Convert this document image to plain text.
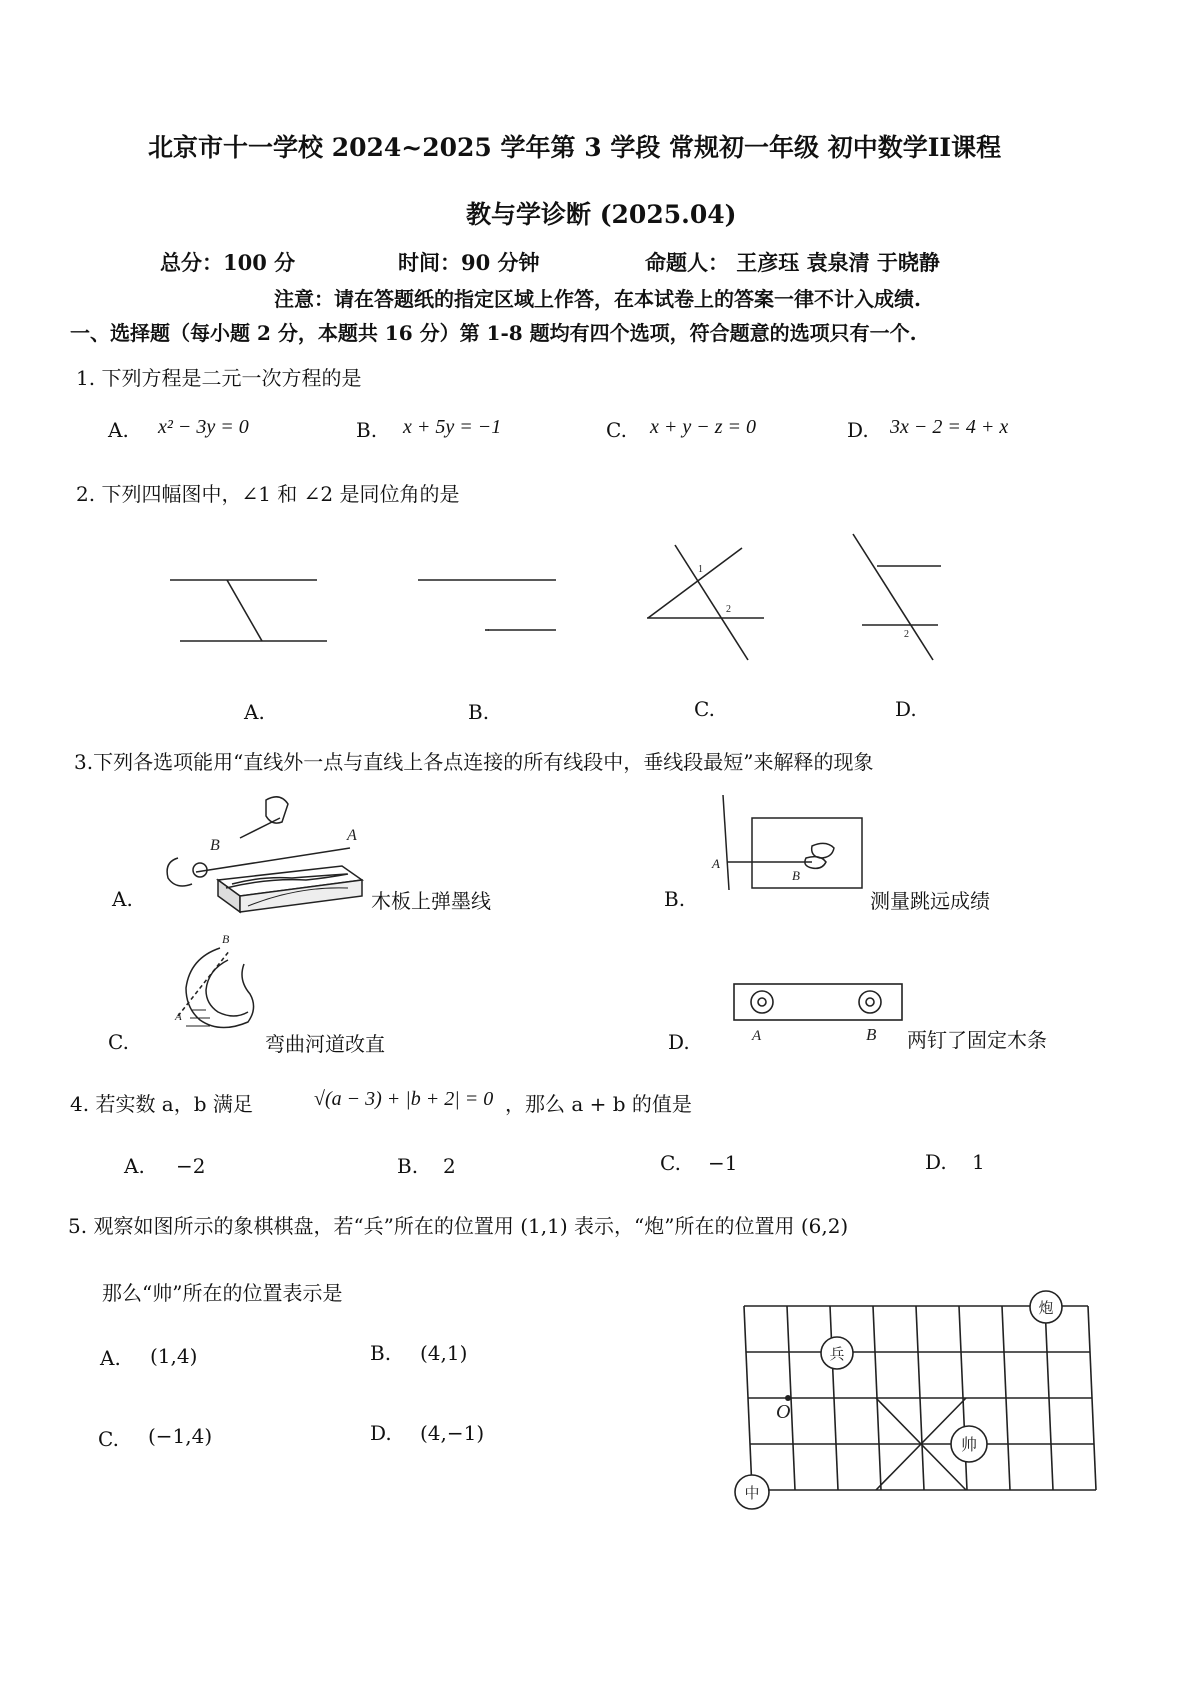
北京市十一学校 2024~2025 学年第 3 学段 常规初一年级 初中数学II课程
教与学诊断 (2025.04)
总分：100 分	时间：90 分钟	命题人： 王彦珏 袁泉清 于晓静
注意：请在答题纸的指定区域上作答，在本试卷上的答案一律不计入成绩.
一、选择题（每小题 2 分，本题共 16 分）第 1-8 题均有四个选项，符合题意的选项只有一个.
1. 下列方程是二元一次方程的是
A. x² − 3y = 0	B. x + 5y = −1	C. x + y − z = 0	D. 3x − 2 = 4 + x
2. 下列四幅图中，∠1 和 ∠2 是同位角的是
1
2
2
A.	B.	C.	D.
3.下列各选项能用“直线外一点与直线上各点连接的所有线段中，垂线段最短”来解释的现象
B
A
A
B
B
A
A	B
A.	木板上弹墨线	B.	测量跳远成绩
C.	弯曲河道改直	D.	两钉了固定木条
4. 若实数 a，b 满足	√(a − 3) + |b + 2| = 0 ，那么 a + b 的值是
A. −2	B. 2	C. −1	D. 1
5. 观察如图所示的象棋棋盘，若“兵”所在的位置用 (1,1) 表示，“炮”所在的位置用 (6,2)
那么“帅”所在的位置表示是
A. (1,4)	B. (4,1)
C. (−1,4)	D. (4,−1)
炮
兵
帅
中
O
